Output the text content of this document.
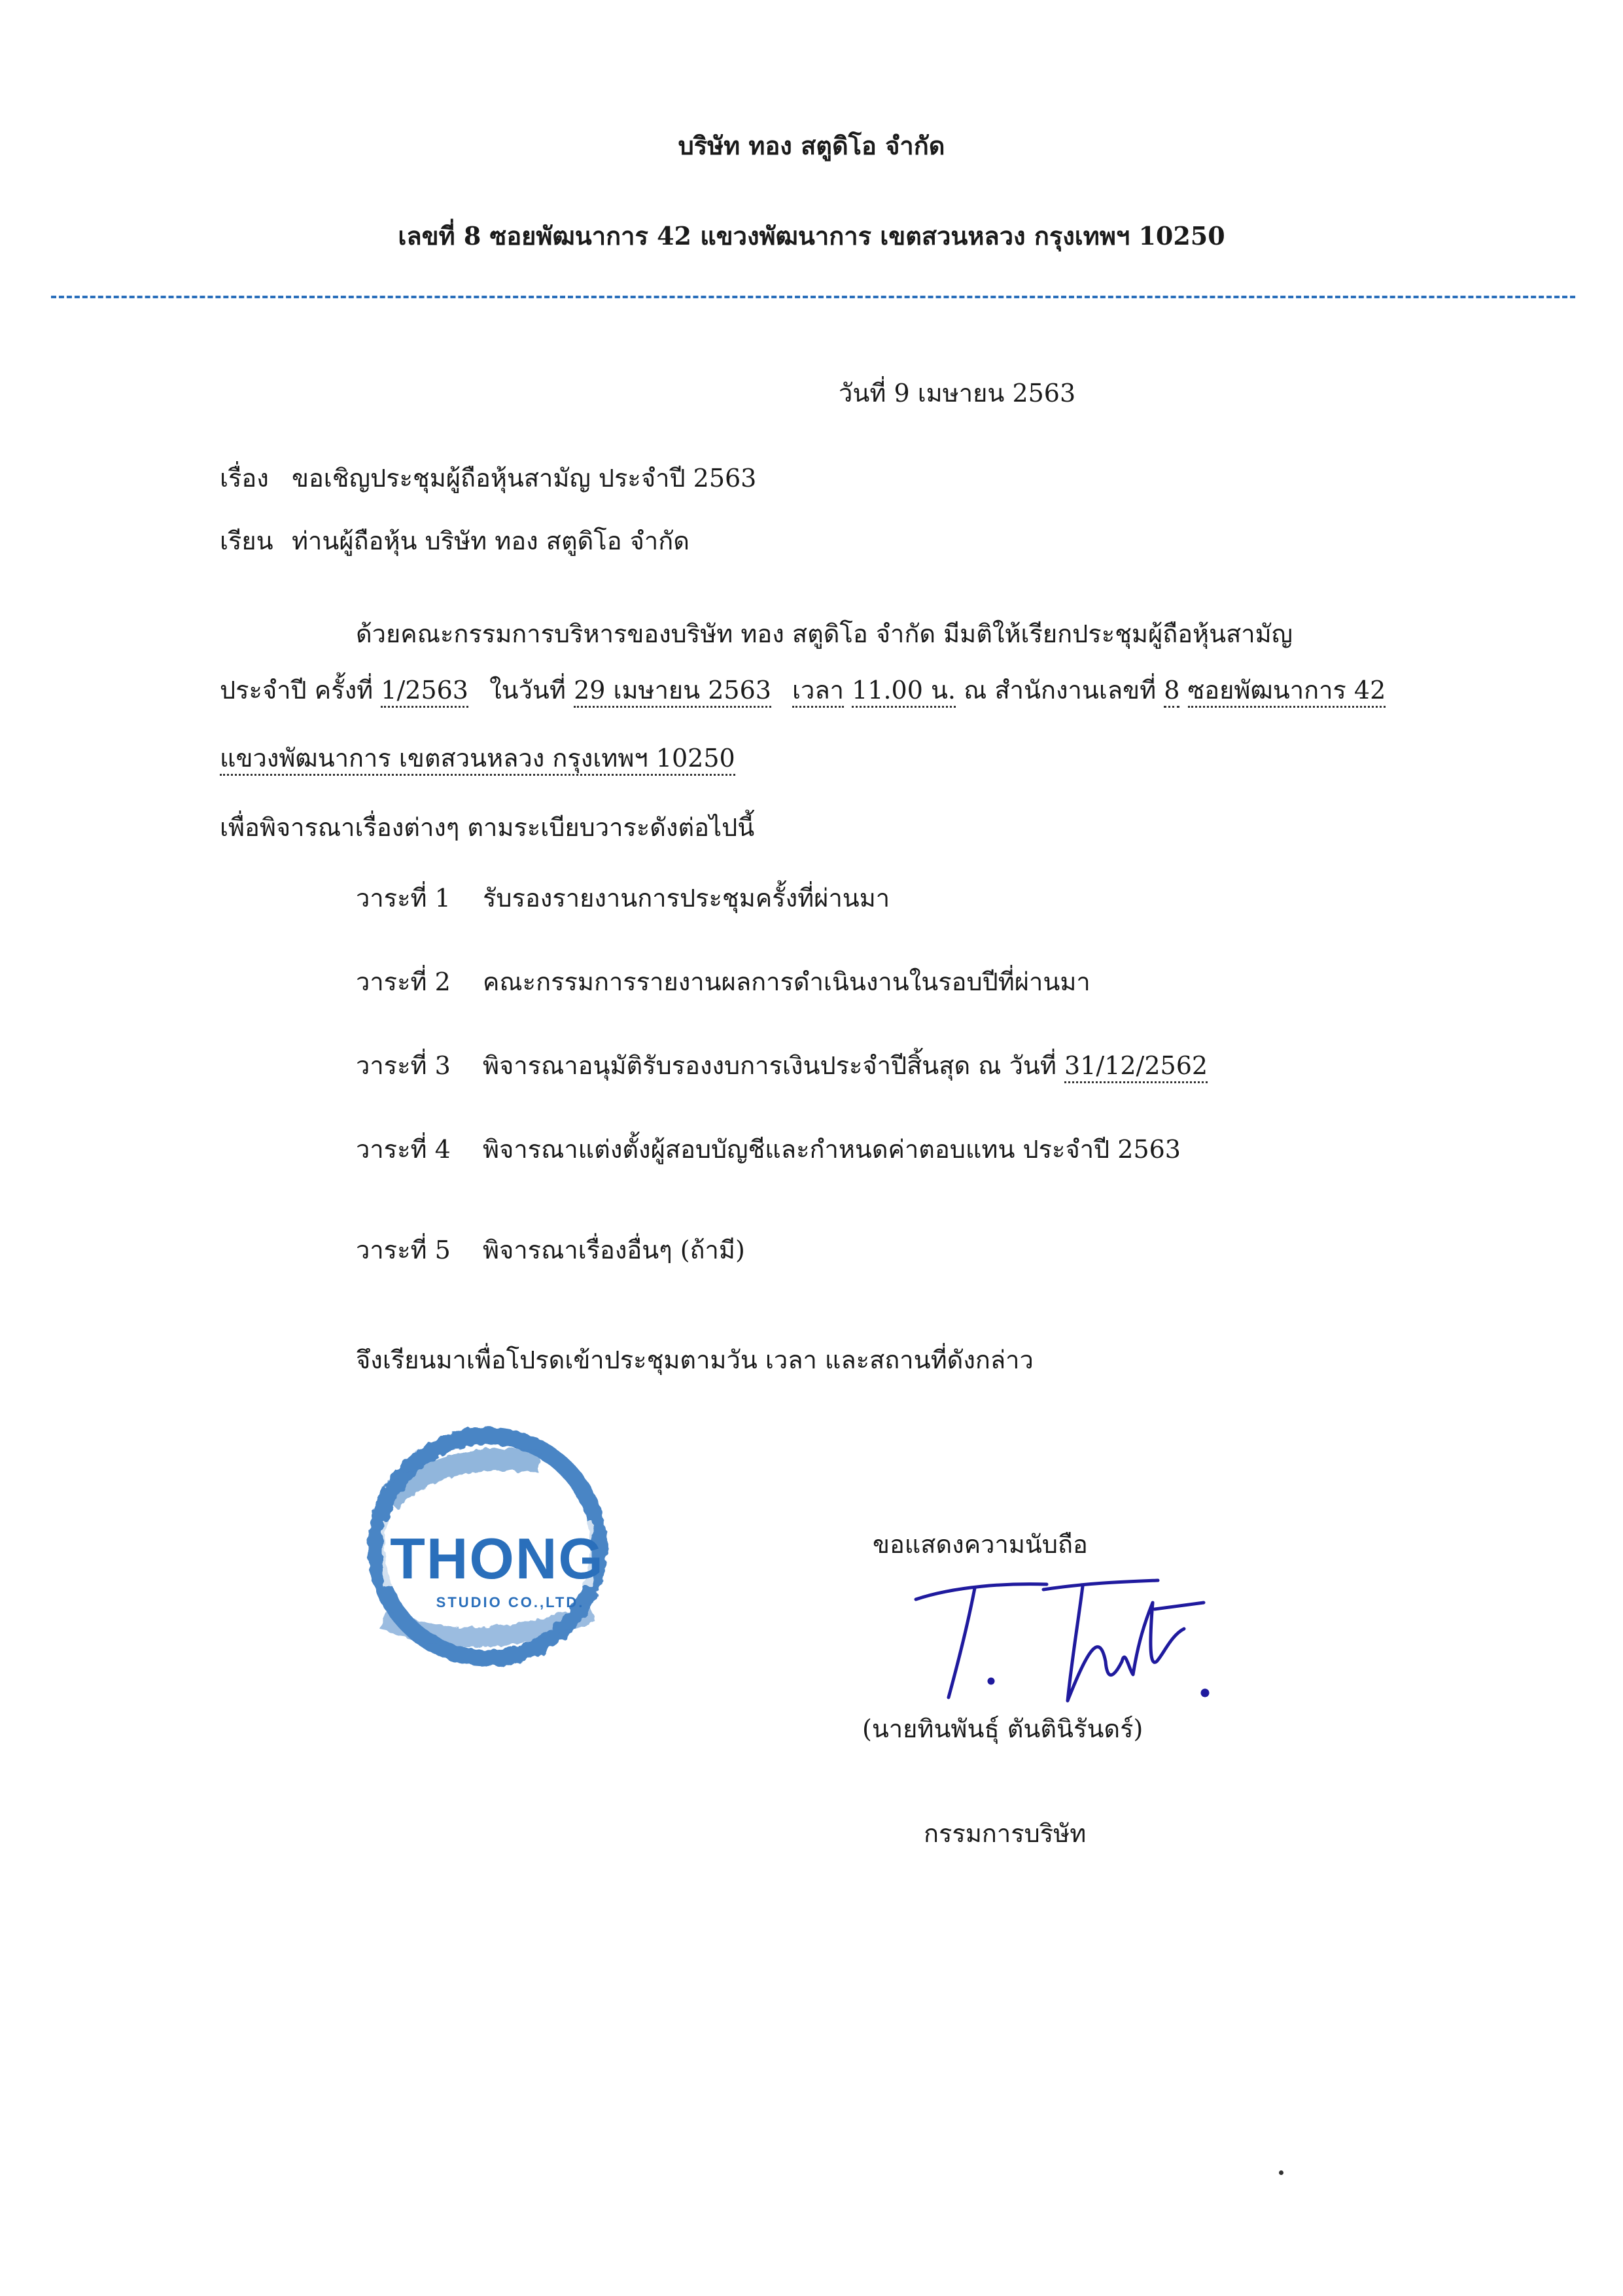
บริษัท ทอง สตูดิโอ จำกัด
เลขที่ 8 ซอยพัฒนาการ 42 แขวงพัฒนาการ เขตสวนหลวง กรุงเทพฯ 10250
วันที่ 9 เมษายน 2563
เรื่อง ขอเชิญประชุมผู้ถือหุ้นสามัญ ประจำปี 2563
เรียน ท่านผู้ถือหุ้น บริษัท ทอง สตูดิโอ จำกัด
ด้วยคณะกรรมการบริหารของบริษัท ทอง สตูดิโอ จำกัด มีมติให้เรียกประชุมผู้ถือหุ้นสามัญ
ประจำปี ครั้งที่ 1/2563 ในวันที่ 29 เมษายน 2563 เวลา 11.00 น. ณ สำนักงานเลขที่ 8 ซอยพัฒนาการ 42
แขวงพัฒนาการ เขตสวนหลวง กรุงเทพฯ 10250
เพื่อพิจารณาเรื่องต่างๆ ตามระเบียบวาระดังต่อไปนี้
วาระที่ 1 รับรองรายงานการประชุมครั้งที่ผ่านมา
วาระที่ 2 คณะกรรมการรายงานผลการดำเนินงานในรอบปีที่ผ่านมา
วาระที่ 3 พิจารณาอนุมัติรับรองงบการเงินประจำปีสิ้นสุด ณ วันที่ 31/12/2562
วาระที่ 4 พิจารณาแต่งตั้งผู้สอบบัญชีและกำหนดค่าตอบแทน ประจำปี 2563
วาระที่ 5 พิจารณาเรื่องอื่นๆ (ถ้ามี)
จึงเรียนมาเพื่อโปรดเข้าประชุมตามวัน เวลา และสถานที่ดังกล่าว
THONG
STUDIO CO.,LTD.
ขอแสดงความนับถือ
(นายทินพันธุ์ ตันตินิรันดร์)
กรรมการบริษัท
